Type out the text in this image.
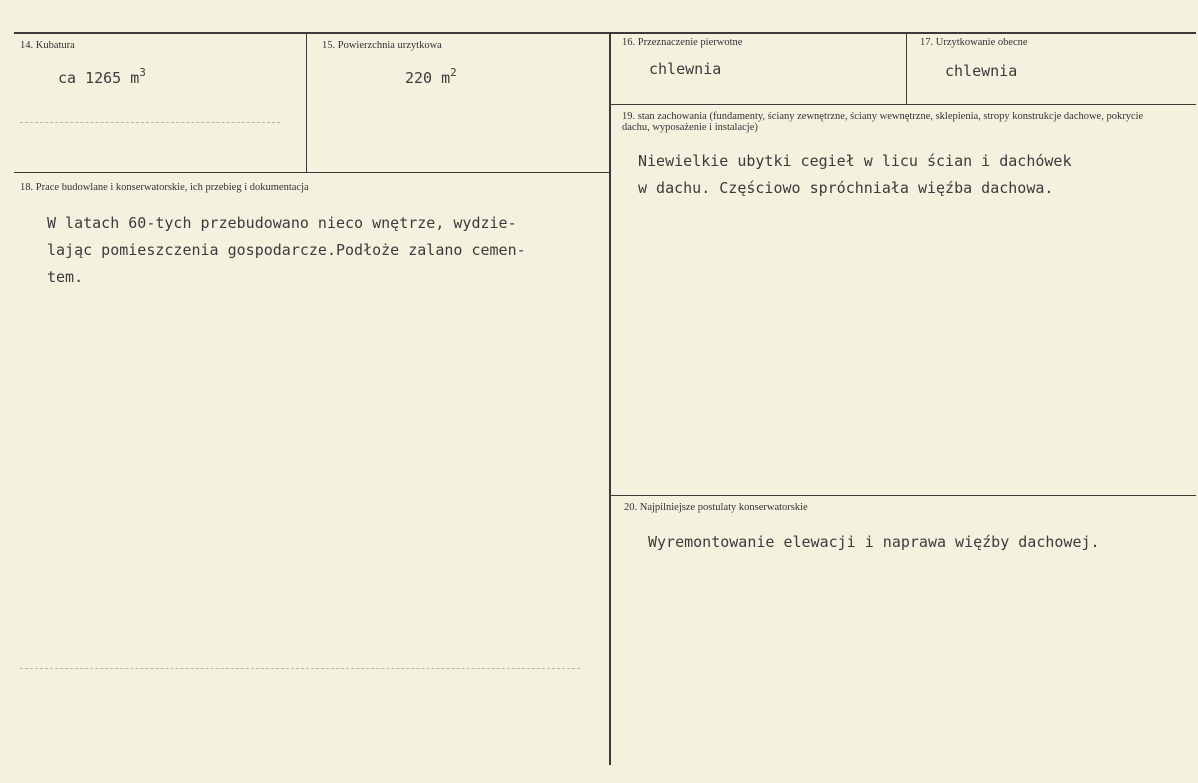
14. Kubatura
ca 1265 $m^3$
15. Powierzchnia urzytkowa
220 $m^2$
16. Przeznaczenie pierwotne
chlewnia
17. Urzytkowanie obecne
chlewnia
18. Prace budowlane i konserwatorskie, ich przebieg i dokumentacja
W latach 60-tych przebudowano nieco wnętrze, wydzie-
lając pomieszczenia gospodarcze.Podłoże zalano cemen-
tem.
19. stan zachowania (fundamenty, ściany zewnętrzne, ściany wewnętrzne, sklepienia, stropy konstrukcje dachowe, pokrycie dachu, wyposażenie i instalacje)
Niewielkie ubytki cegieł w licu ścian i dachówek
w dachu. Częściowo spróchniała więźba dachowa.
20. Najpilniejsze postulaty konserwatorskie
Wyremontowanie elewacji i naprawa więźby dachowej.
